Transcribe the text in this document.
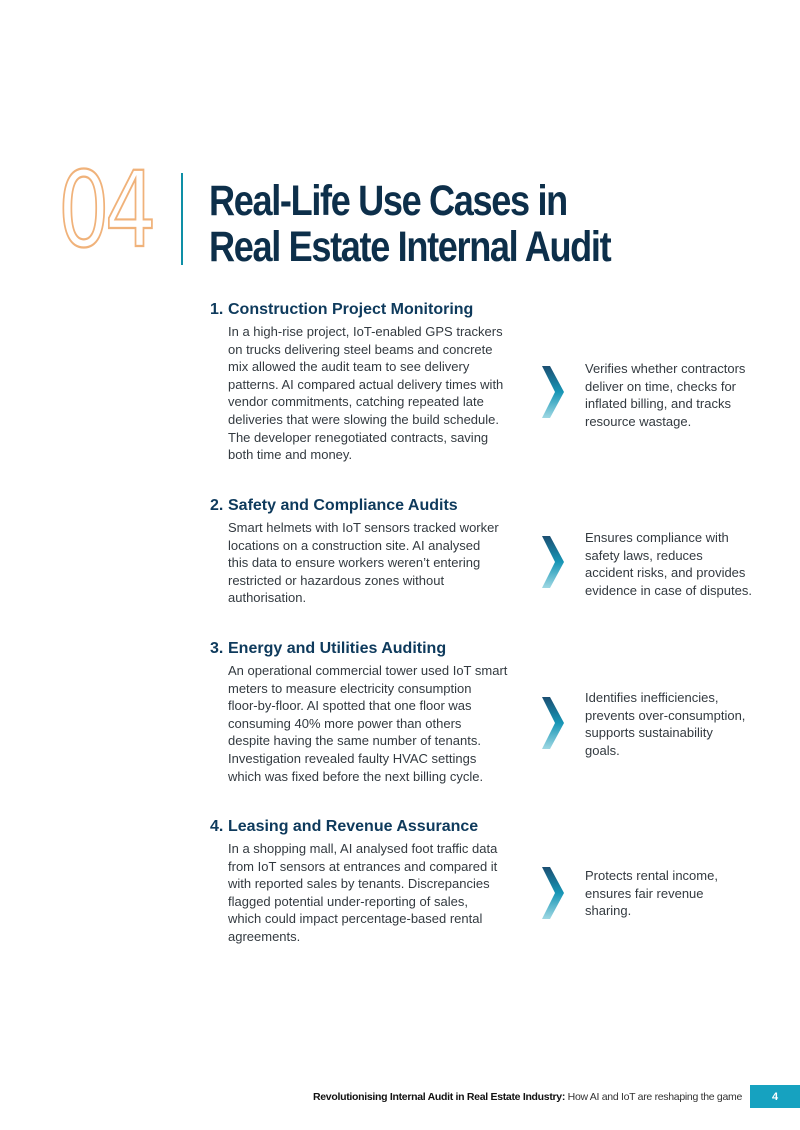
04	Real-Life Use Cases in
Real Estate Internal Audit
1. Construction Project Monitoring

In a high-rise project, IoT-enabled GPS trackers
on trucks delivering steel beams and concrete
mix allowed the audit team to see delivery
patterns. AI compared actual delivery times with
vendor commitments, catching repeated late
deliveries that were slowing the build schedule.
The developer renegotiated contracts, saving
both time and money.

Verifies whether contractors
deliver on time, checks for
inflated billing, and tracks
resource wastage.

2. Safety and Compliance Audits

Smart helmets with IoT sensors tracked worker
locations on a construction site. AI analysed
this data to ensure workers weren’t entering
restricted or hazardous zones without
authorisation.

Ensures compliance with
safety laws, reduces
accident risks, and provides
evidence in case of disputes.

3. Energy and Utilities Auditing

An operational commercial tower used IoT smart
meters to measure electricity consumption
floor-by-floor. AI spotted that one floor was
consuming 40% more power than others
despite having the same number of tenants.
Investigation revealed faulty HVAC settings
which was fixed before the next billing cycle.

Identifies inefficiencies,
prevents over-consumption,
supports sustainability
goals.

4. Leasing and Revenue Assurance

In a shopping mall, AI analysed foot traffic data
from IoT sensors at entrances and compared it
with reported sales by tenants. Discrepancies
flagged potential under-reporting of sales,
which could impact percentage-based rental
agreements.

Protects rental income,
ensures fair revenue
sharing.

Revolutionising Internal Audit in Real Estate Industry: How AI and IoT are reshaping the game	4
